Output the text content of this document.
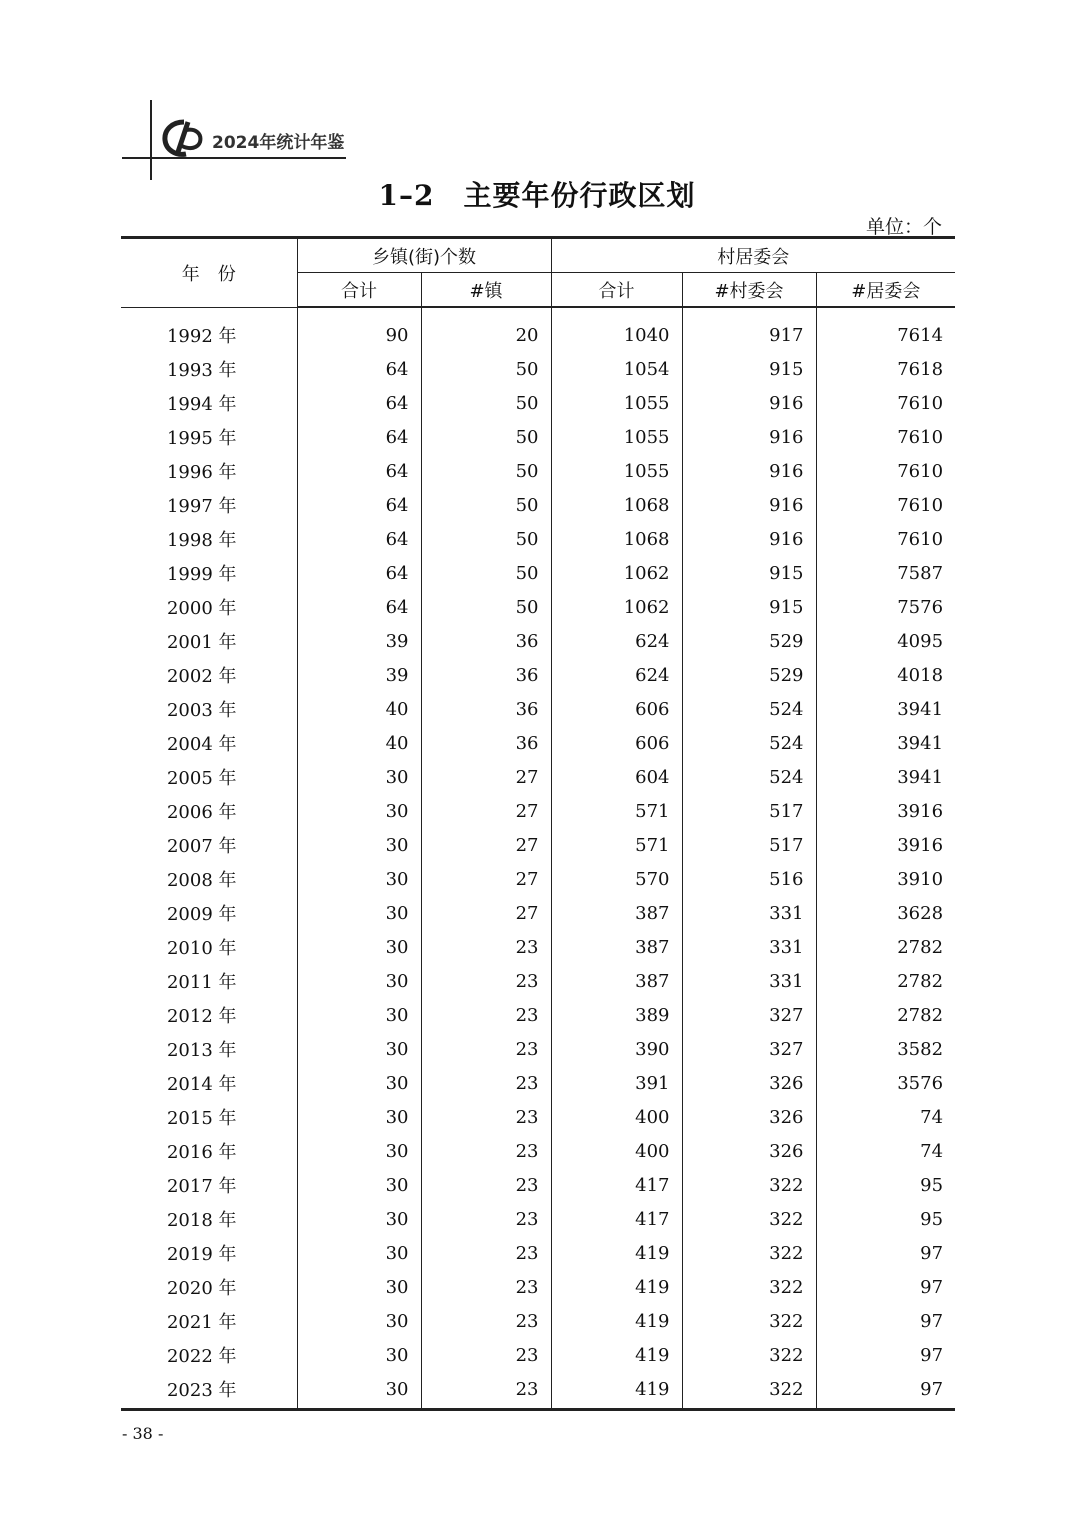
2024年统计年鉴
1–2　主要年份行政区划
单位：个
年　份	乡镇(街)个数		村居委会		
	合计	#镇	合计	#村委会	#居委会
1992 年	90	20	1040	917	7614
1993 年	64	50	1054	915	7618
1994 年	64	50	1055	916	7610
1995 年	64	50	1055	916	7610
1996 年	64	50	1055	916	7610
1997 年	64	50	1068	916	7610
1998 年	64	50	1068	916	7610
1999 年	64	50	1062	915	7587
2000 年	64	50	1062	915	7576
2001 年	39	36	624	529	4095
2002 年	39	36	624	529	4018
2003 年	40	36	606	524	3941
2004 年	40	36	606	524	3941
2005 年	30	27	604	524	3941
2006 年	30	27	571	517	3916
2007 年	30	27	571	517	3916
2008 年	30	27	570	516	3910
2009 年	30	27	387	331	3628
2010 年	30	23	387	331	2782
2011 年	30	23	387	331	2782
2012 年	30	23	389	327	2782
2013 年	30	23	390	327	3582
2014 年	30	23	391	326	3576
2015 年	30	23	400	326	74
2016 年	30	23	400	326	74
2017 年	30	23	417	322	95
2018 年	30	23	417	322	95
2019 年	30	23	419	322	97
2020 年	30	23	419	322	97
2021 年	30	23	419	322	97
2022 年	30	23	419	322	97
2023 年	30	23	419	322	97
- 38 -
